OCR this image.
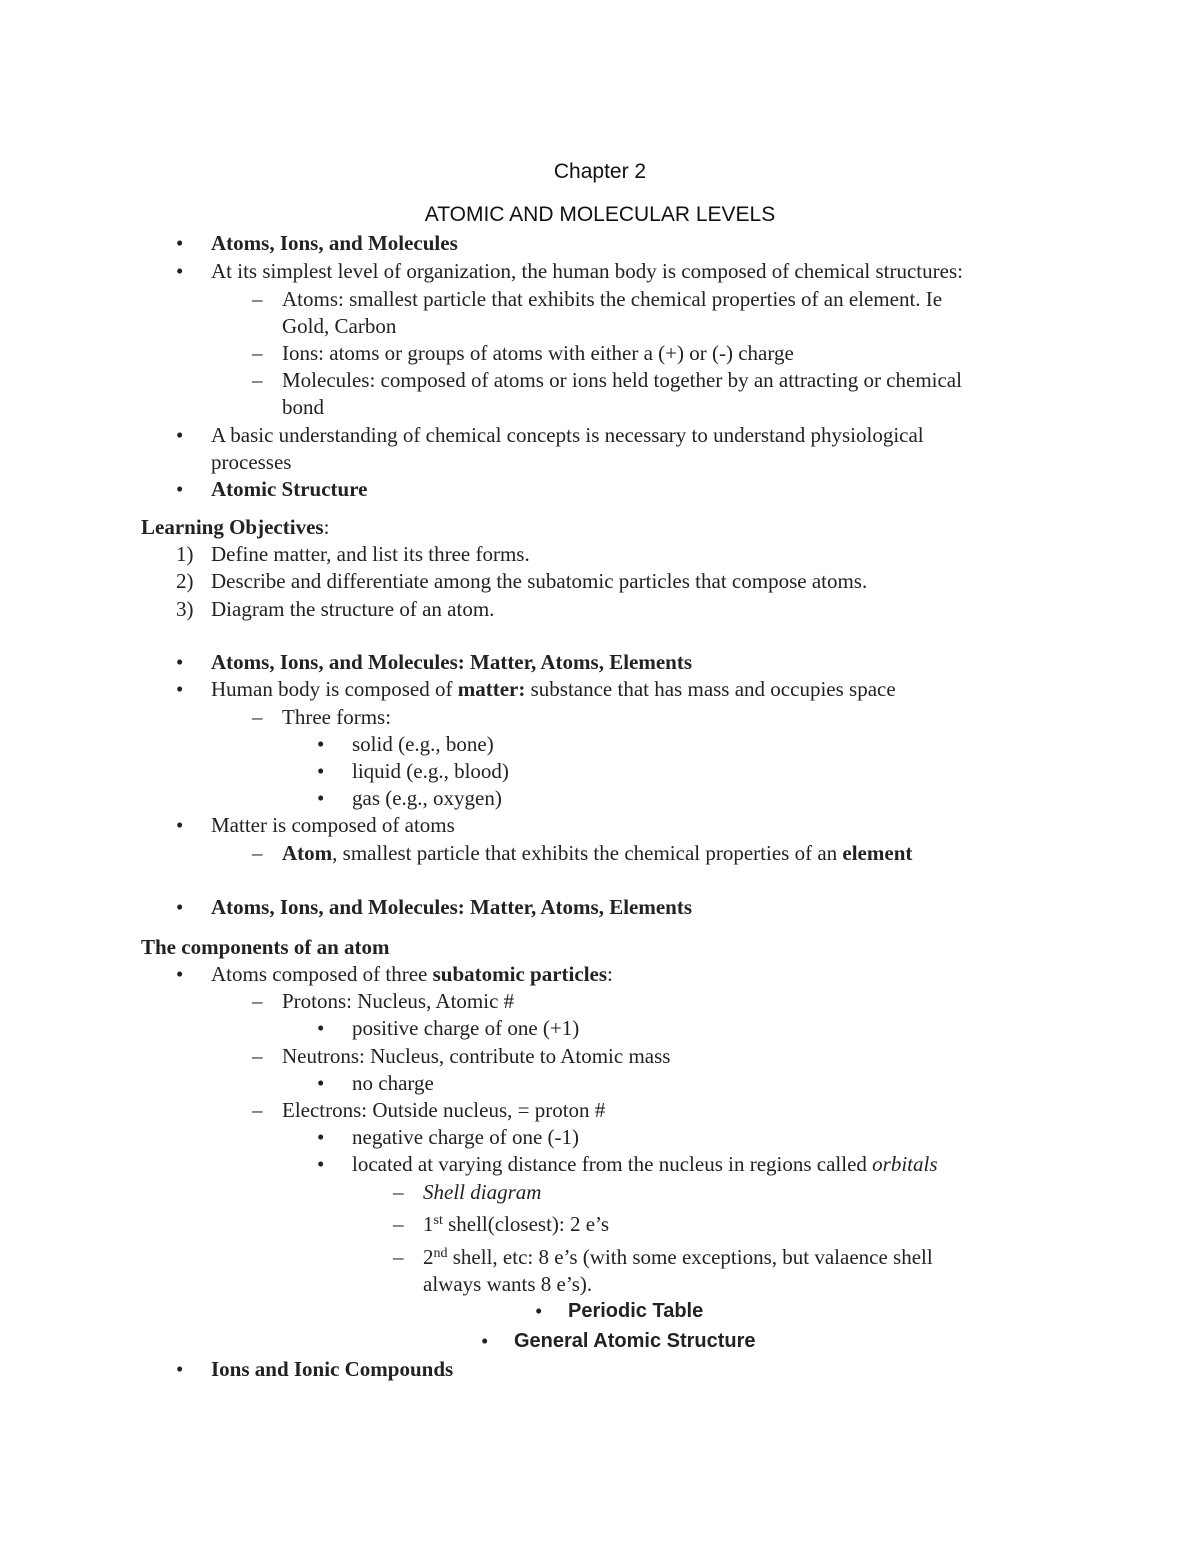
Chapter 2
ATOMIC AND MOLECULAR LEVELS
• Atoms, Ions, and Molecules
• At its simplest level of organization, the human body is composed of chemical structures:
– Atoms: smallest particle that exhibits the chemical properties of an element. Ie
Gold, Carbon
– Ions: atoms or groups of atoms with either a (+) or (-) charge
– Molecules: composed of atoms or ions held together by an attracting or chemical
bond
• A basic understanding of chemical concepts is necessary to understand physiological
processes
• Atomic Structure
Learning Objectives:
1) Define matter, and list its three forms.
2) Describe and differentiate among the subatomic particles that compose atoms.
3) Diagram the structure of an atom.
• Atoms, Ions, and Molecules: Matter, Atoms, Elements
• Human body is composed of matter: substance that has mass and occupies space
– Three forms:
• solid (e.g., bone)
• liquid (e.g., blood)
• gas (e.g., oxygen)
• Matter is composed of atoms
– Atom, smallest particle that exhibits the chemical properties of an element
• Atoms, Ions, and Molecules: Matter, Atoms, Elements
The components of an atom
• Atoms composed of three subatomic particles:
– Protons: Nucleus, Atomic #
• positive charge of one (+1)
– Neutrons: Nucleus, contribute to Atomic mass
• no charge
– Electrons: Outside nucleus, = proton #
• negative charge of one (-1)
• located at varying distance from the nucleus in regions called orbitals
– Shell diagram
– 1st shell(closest): 2 e’s
– 2nd shell, etc: 8 e’s (with some exceptions, but valaence shell
always wants 8 e’s).
• Periodic Table
• General Atomic Structure
• Ions and Ionic Compounds
